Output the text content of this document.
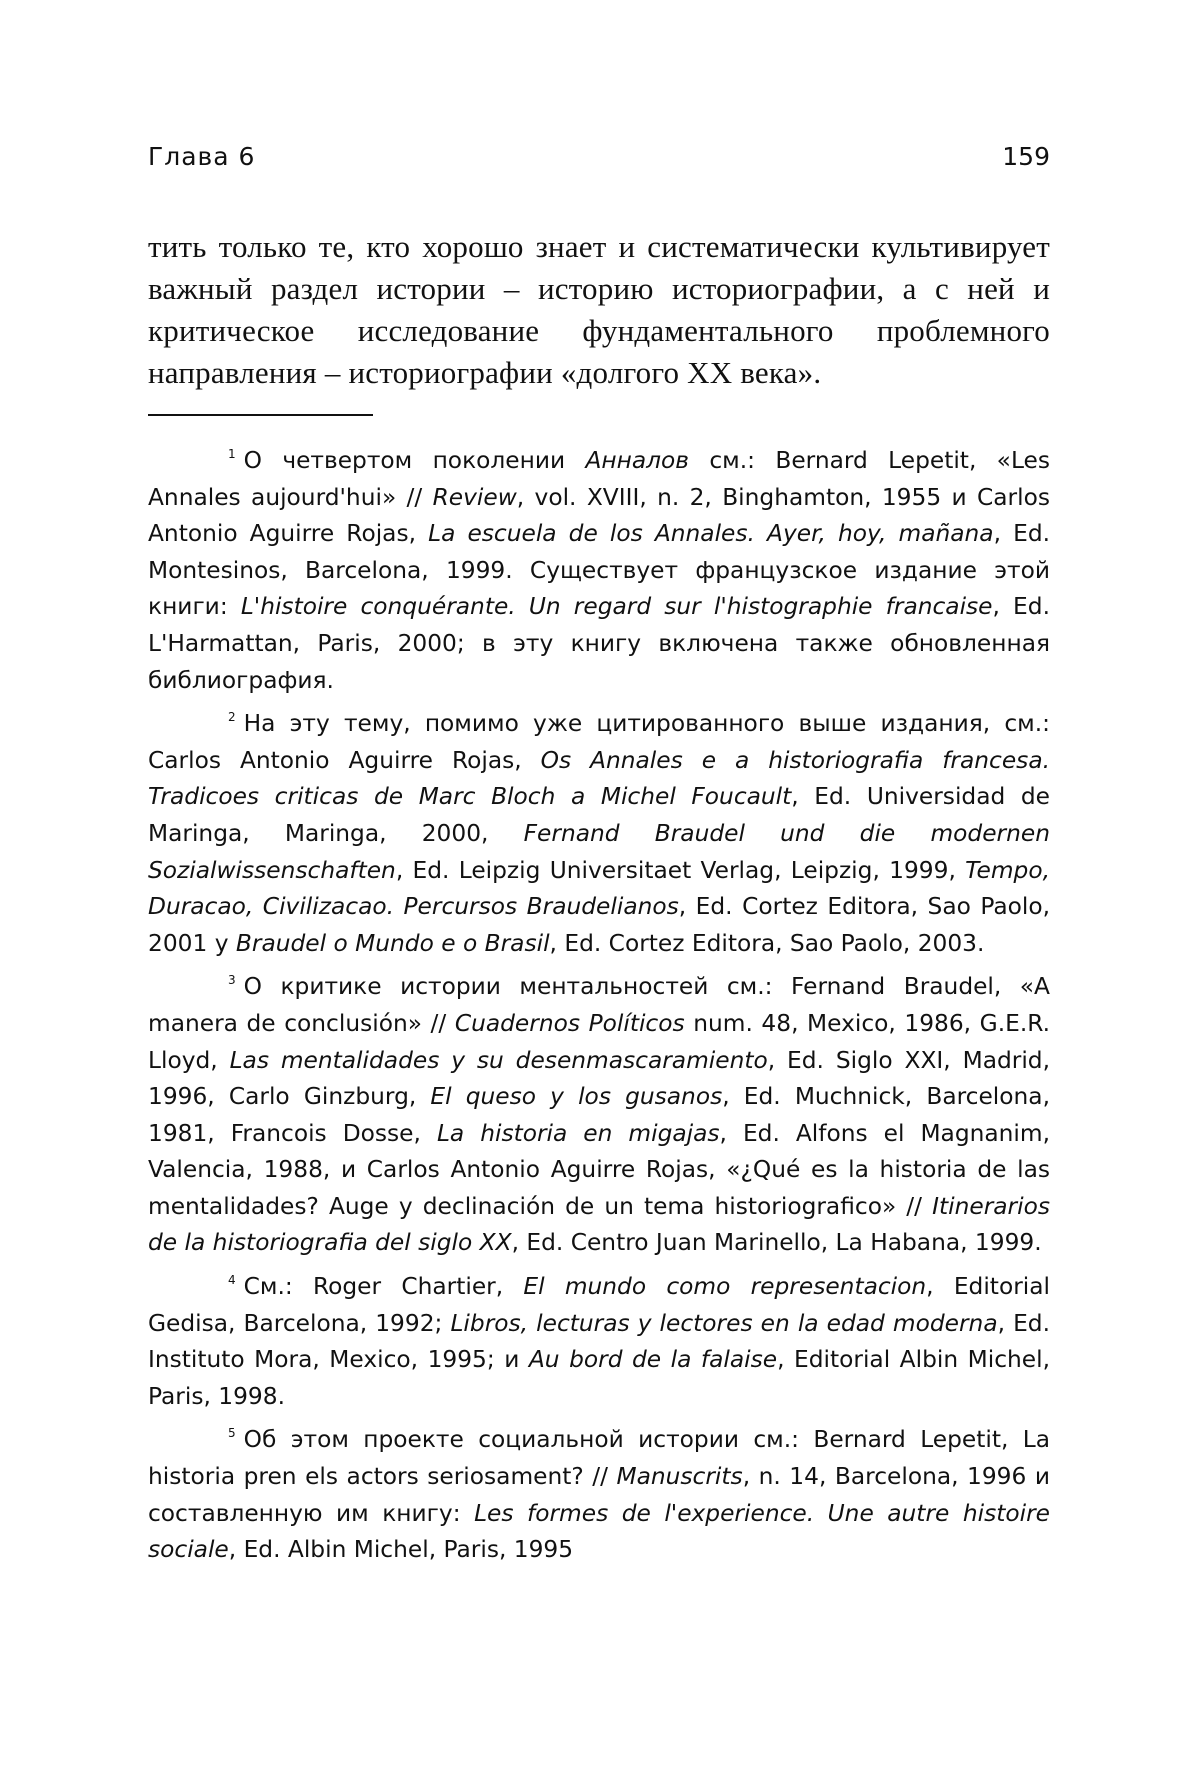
Глава 6	159
тить только те, кто хорошо знает и систематически культивирует важный раздел истории – историю историографии, а с ней и критическое исследование фундаментального проблемного направления – историографии «долгого XX века».

$^1$ О четвертом поколении Анналов см.: Bernard Lepetit, «Les Annales aujourd'hui» // Review, vol. XVIII, n. 2, Binghamton, 1955 и Carlos Antonio Aguirre Rojas, La escuela de los Annales. Ayer, hoy, mañana, Ed. Montesinos, Barcelona, 1999. Существует французское издание этой книги: L'histoire conquérante. Un regard sur l'histographie francaise, Ed. L'Harmattan, Paris, 2000; в эту книгу включена также обновленная библиография.

$^2$ На эту тему, помимо уже цитированного выше издания, см.: Carlos Antonio Aguirre Rojas, Os Annales e a historiografia francesa. Tradicoes criticas de Marc Bloch a Michel Foucault, Ed. Universidad de Maringa, Maringa, 2000, Fernand Braudel und die modernen Sozialwissenschaften, Ed. Leipzig Universitaet Verlag, Leipzig, 1999, Tempo, Duracao, Civilizacao. Percursos Braudelianos, Ed. Cortez Editora, Sao Paolo, 2001 y Braudel o Mundo e o Brasil, Ed. Cortez Editora, Sao Paolo, 2003.

$^3$ О критике истории ментальностей см.: Fernand Braudel, «A manera de conclusión» // Cuadernos Políticos num. 48, Mexico, 1986, G.E.R. Lloyd, Las mentalidades y su desenmascaramiento, Ed. Siglo XXI, Madrid, 1996, Carlo Ginzburg, El queso y los gusanos, Ed. Muchnick, Barcelona, 1981, Francois Dosse, La historia en migajas, Ed. Alfons el Magnanim, Valencia, 1988, и Carlos Antonio Aguirre Rojas, «¿Qué es la historia de las mentalidades? Auge y declinación de un tema historiografico» // Itinerarios de la historiografia del siglo XX, Ed. Centro Juan Marinello, La Habana, 1999.

$^4$ См.: Roger Chartier, El mundo como representacion, Editorial Gedisa, Barcelona, 1992; Libros, lecturas y lectores en la edad moderna, Ed. Instituto Mora, Mexico, 1995; и Au bord de la falaise, Editorial Albin Michel, Paris, 1998.

$^5$ Об этом проекте социальной истории см.: Bernard Lepetit, La historia pren els actors seriosament? // Manuscrits, n. 14, Barcelona, 1996 и составленную им книгу: Les formes de l'experience. Une autre histoire sociale, Ed. Albin Michel, Paris, 1995
